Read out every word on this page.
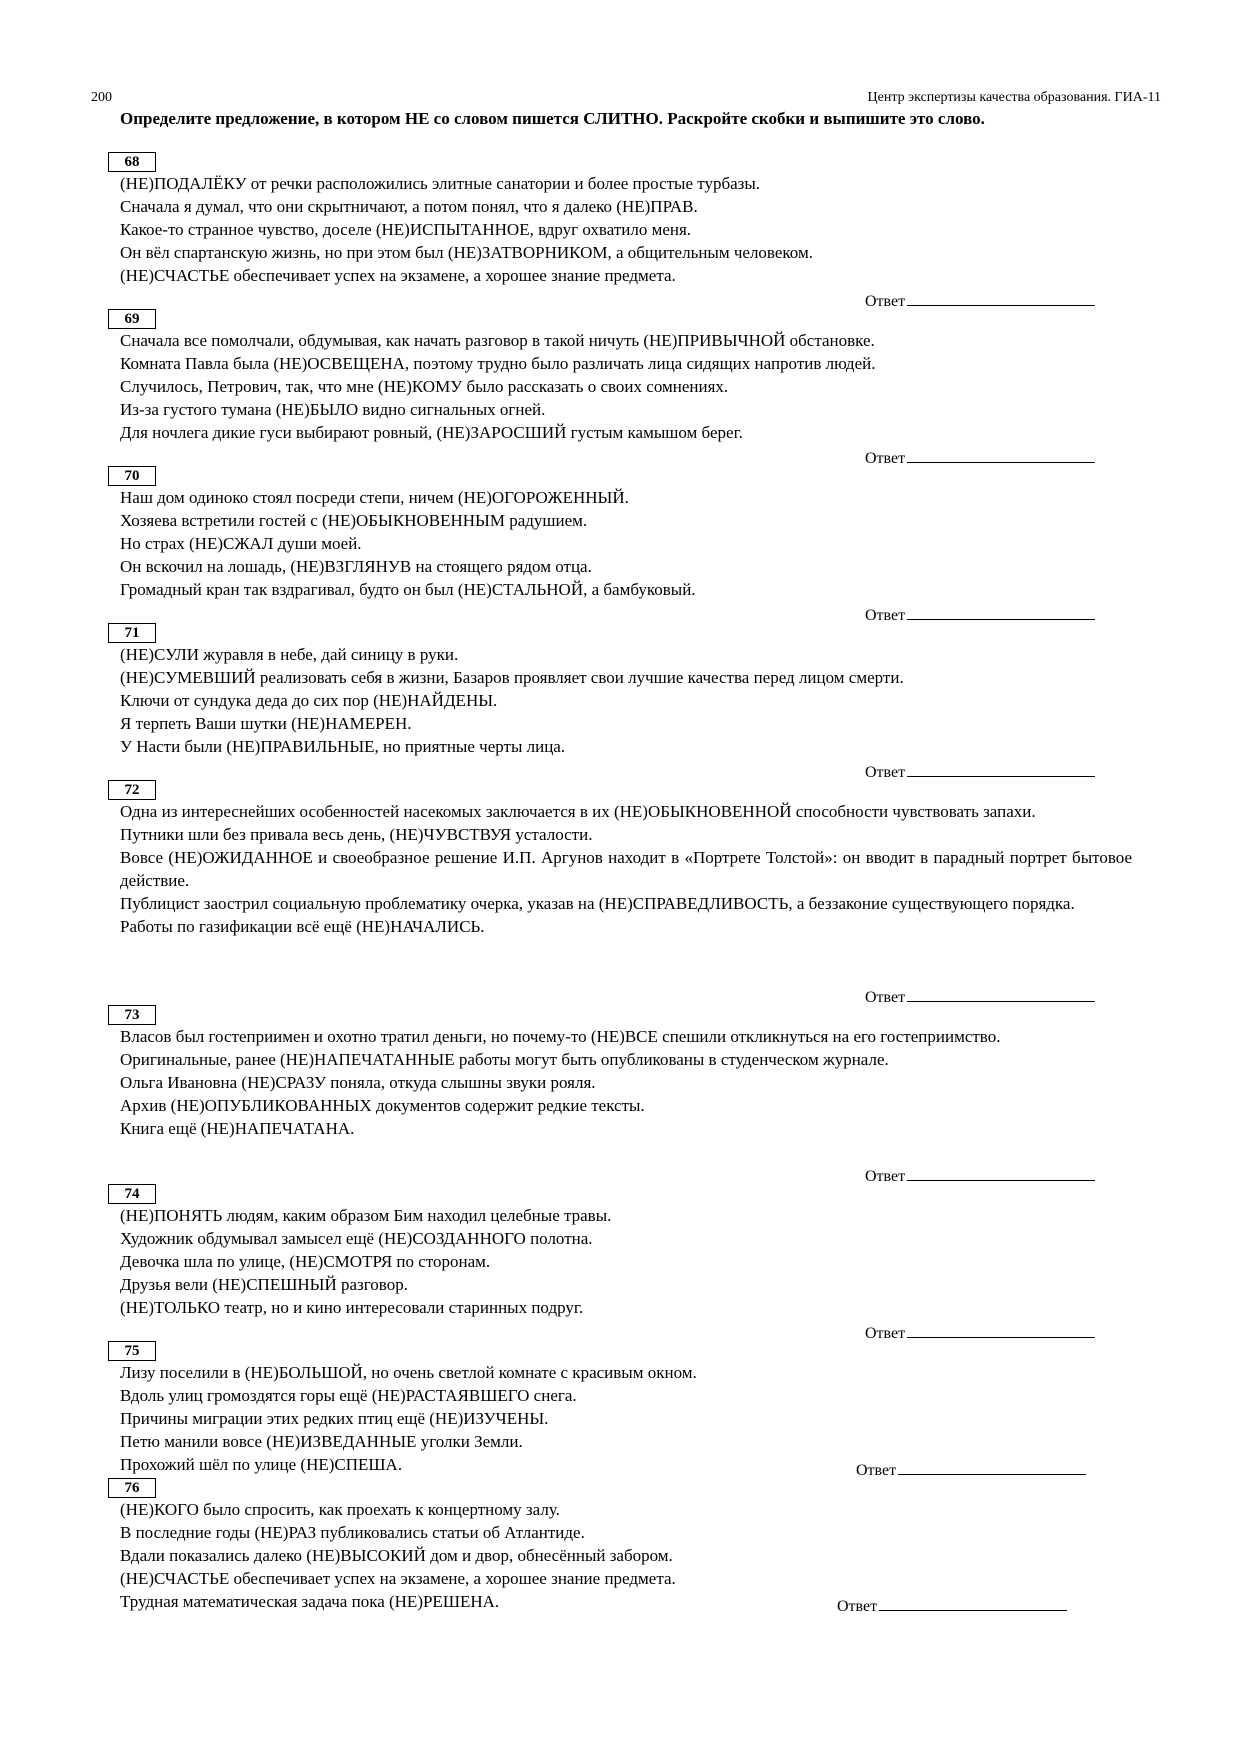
200	Центр экспертизы качества образования. ГИА-11
Определите предложение, в котором НЕ со словом пишется СЛИТНО. Раскройте скобки и выпишите это слово.
68
(НЕ)ПОДАЛЁКУ от речки расположились элитные санатории и более простые турбазы.
Сначала я думал, что они скрытничают, а потом понял, что я далеко (НЕ)ПРАВ.
Какое-то странное чувство, доселе (НЕ)ИСПЫТАННОЕ, вдруг охватило меня.
Он вёл спартанскую жизнь, но при этом был (НЕ)ЗАТВОРНИКОМ, а общительным человеком.
(НЕ)СЧАСТЬЕ обеспечивает успех на экзамене, а хорошее знание предмета.
Ответ
69
Сначала все помолчали, обдумывая, как начать разговор в такой ничуть (НЕ)ПРИВЫЧНОЙ обстановке.
Комната Павла была (НЕ)ОСВЕЩЕНА, поэтому трудно было различать лица сидящих напротив людей.
Случилось, Петрович, так, что мне (НЕ)КОМУ было рассказать о своих сомнениях.
Из-за густого тумана (НЕ)БЫЛО видно сигнальных огней.
Для ночлега дикие гуси выбирают ровный, (НЕ)ЗАРОСШИЙ густым камышом берег.
Ответ
70
Наш дом одиноко стоял посреди степи, ничем (НЕ)ОГОРОЖЕННЫЙ.
Хозяева встретили гостей с (НЕ)ОБЫКНОВЕННЫМ радушием.
Но страх (НЕ)СЖАЛ души моей.
Он вскочил на лошадь, (НЕ)ВЗГЛЯНУВ на стоящего рядом отца.
Громадный кран так вздрагивал, будто он был (НЕ)СТАЛЬНОЙ, а бамбуковый.
Ответ
71
(НЕ)СУЛИ журавля в небе, дай синицу в руки.
(НЕ)СУМЕВШИЙ реализовать себя в жизни, Базаров проявляет свои лучшие качества перед лицом смерти.
Ключи от сундука деда до сих пор (НЕ)НАЙДЕНЫ.
Я терпеть Ваши шутки (НЕ)НАМЕРЕН.
У Насти были (НЕ)ПРАВИЛЬНЫЕ, но приятные черты лица.
Ответ
72
Одна из интереснейших особенностей насекомых заключается в их (НЕ)ОБЫКНОВЕННОЙ способности чувствовать запахи.
Путники шли без привала весь день, (НЕ)ЧУВСТВУЯ усталости.
Вовсе (НЕ)ОЖИДАННОЕ и своеобразное решение И.П. Аргунов находит в «Портрете Толстой»: он вводит в парадный портрет бытовое действие.
Публицист заострил социальную проблематику очерка, указав на (НЕ)СПРАВЕДЛИВОСТЬ, а беззаконие существующего порядка.
Работы по газификации всё ещё (НЕ)НАЧАЛИСЬ.
Ответ
73
Власов был гостеприимен и охотно тратил деньги, но почему-то (НЕ)ВСЕ спешили откликнуться на его гостеприимство.
Оригинальные, ранее (НЕ)НАПЕЧАТАННЫЕ работы могут быть опубликованы в студенческом журнале.
Ольга Ивановна (НЕ)СРАЗУ поняла, откуда слышны звуки рояля.
Архив (НЕ)ОПУБЛИКОВАННЫХ документов содержит редкие тексты.
Книга ещё (НЕ)НАПЕЧАТАНА.
Ответ
74
(НЕ)ПОНЯТЬ людям, каким образом Бим находил целебные травы.
Художник обдумывал замысел ещё (НЕ)СОЗДАННОГО полотна.
Девочка шла по улице, (НЕ)СМОТРЯ по сторонам.
Друзья вели (НЕ)СПЕШНЫЙ разговор.
(НЕ)ТОЛЬКО театр, но и кино интересовали старинных подруг.
Ответ
75
Лизу поселили в (НЕ)БОЛЬШОЙ, но очень светлой комнате с красивым окном.
Вдоль улиц громоздятся горы ещё (НЕ)РАСТАЯВШЕГО снега.
Причины миграции этих редких птиц ещё (НЕ)ИЗУЧЕНЫ.
Петю манили вовсе (НЕ)ИЗВЕДАННЫЕ уголки Земли.
Прохожий шёл по улице (НЕ)СПЕША.	Ответ
76
(НЕ)КОГО было спросить, как проехать к концертному залу.
В последние годы (НЕ)РАЗ публиковались статьи об Атлантиде.
Вдали показались далеко (НЕ)ВЫСОКИЙ дом и двор, обнесённый забором.
(НЕ)СЧАСТЬЕ обеспечивает успех на экзамене, а хорошее знание предмета.
Трудная математическая задача пока (НЕ)РЕШЕНА.	Ответ
